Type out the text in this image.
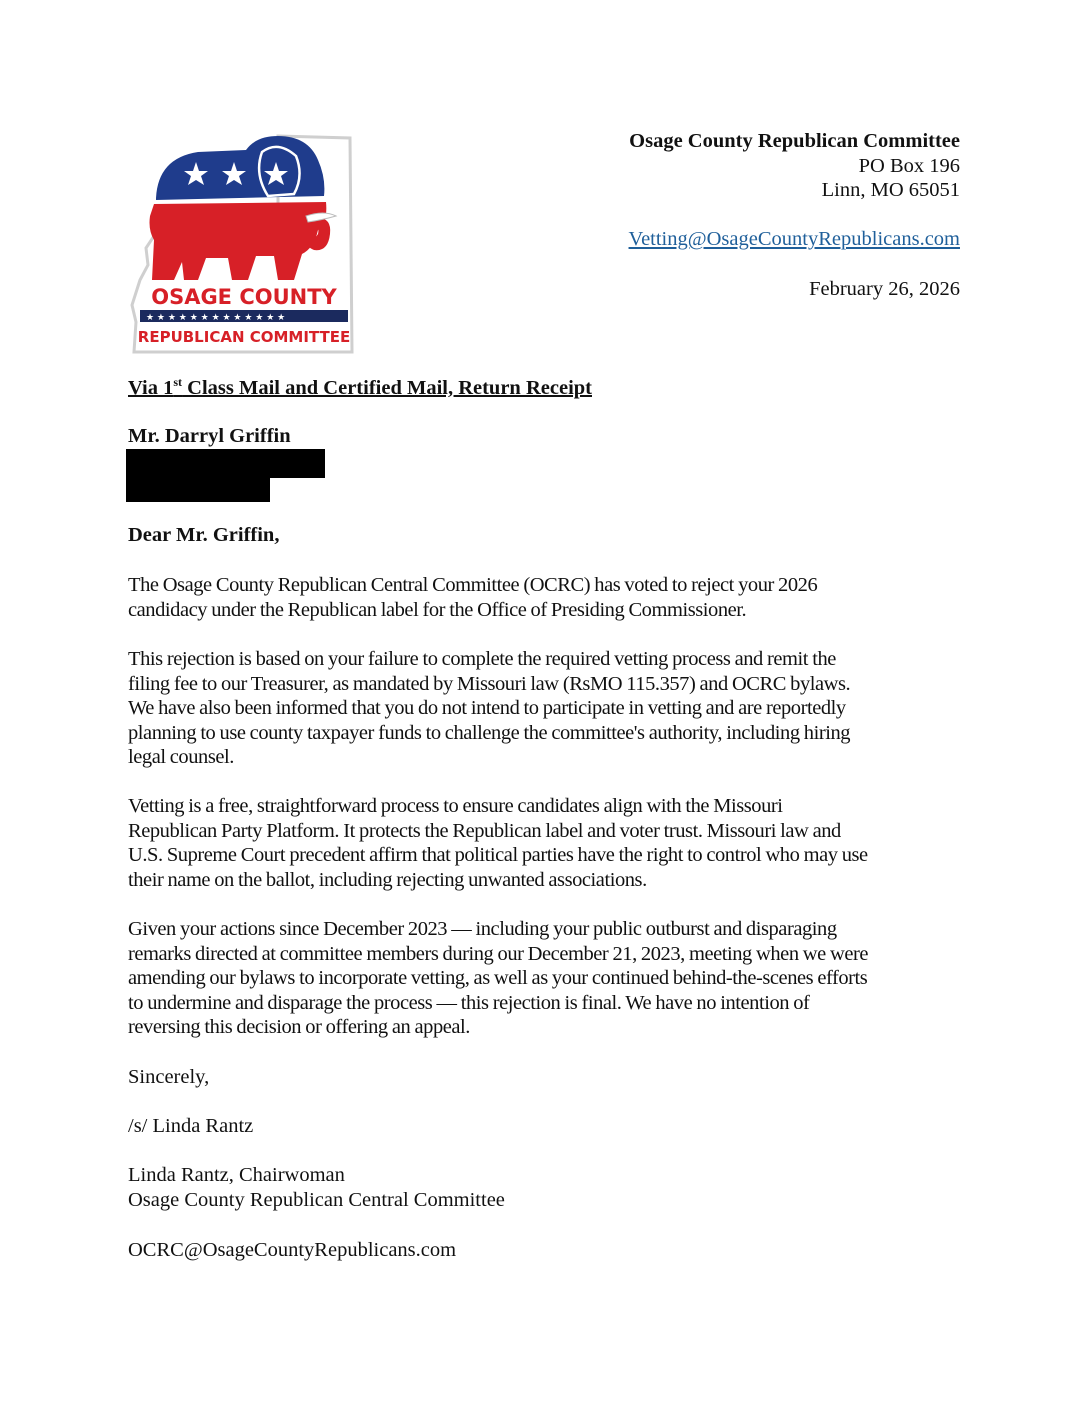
OSAGE COUNTY
★ ★ ★ ★ ★ ★ ★ ★ ★ ★ ★ ★ ★
REPUBLICAN COMMITTEE
Osage County Republican Committee
PO Box 196
Linn, MO 65051
Vetting@OsageCountyRepublicans.com
February 26, 2026
Via 1st Class Mail and Certified Mail, Return Receipt
Mr. Darryl Griffin
Dear Mr. Griffin,
The Osage County Republican Central Committee (OCRC) has voted to reject your 2026
candidacy under the Republican label for the Office of Presiding Commissioner.
This rejection is based on your failure to complete the required vetting process and remit the
filing fee to our Treasurer, as mandated by Missouri law (RsMO 115.357) and OCRC bylaws.
We have also been informed that you do not intend to participate in vetting and are reportedly
planning to use county taxpayer funds to challenge the committee's authority, including hiring
legal counsel.
Vetting is a free, straightforward process to ensure candidates align with the Missouri
Republican Party Platform. It protects the Republican label and voter trust. Missouri law and
U.S. Supreme Court precedent affirm that political parties have the right to control who may use
their name on the ballot, including rejecting unwanted associations.
Given your actions since December 2023 — including your public outburst and disparaging
remarks directed at committee members during our December 21, 2023, meeting when we were
amending our bylaws to incorporate vetting, as well as your continued behind-the-scenes efforts
to undermine and disparage the process — this rejection is final. We have no intention of
reversing this decision or offering an appeal.
Sincerely,
/s/ Linda Rantz
Linda Rantz, Chairwoman
Osage County Republican Central Committee
OCRC@OsageCountyRepublicans.com
